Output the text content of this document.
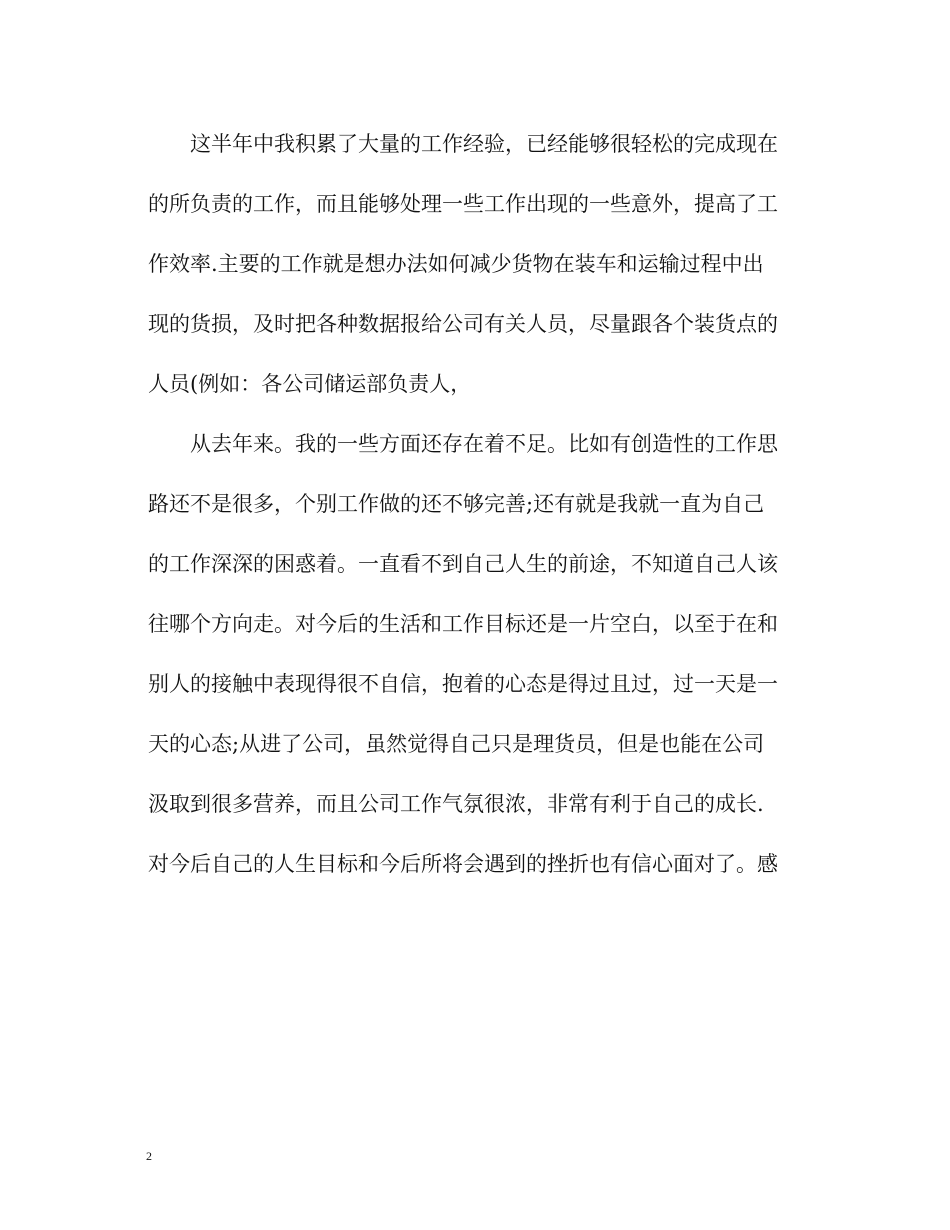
这半年中我积累了大量的工作经验，已经能够很轻松的完成现在
的所负责的工作，而且能够处理一些工作出现的一些意外，提高了工
作效率.主要的工作就是想办法如何减少货物在装车和运输过程中出
现的货损，及时把各种数据报给公司有关人员，尽量跟各个装货点的
人员(例如：各公司储运部负责人，
从去年来。我的一些方面还存在着不足。比如有创造性的工作思
路还不是很多，个别工作做的还不够完善;还有就是我就一直为自己
的工作深深的困惑着。一直看不到自己人生的前途，不知道自己人该
往哪个方向走。对今后的生活和工作目标还是一片空白，以至于在和
别人的接触中表现得很不自信，抱着的心态是得过且过，过一天是一
天的心态;从进了公司，虽然觉得自己只是理货员，但是也能在公司
汲取到很多营养，而且公司工作气氛很浓，非常有利于自己的成长.
对今后自己的人生目标和今后所将会遇到的挫折也有信心面对了。感
2
